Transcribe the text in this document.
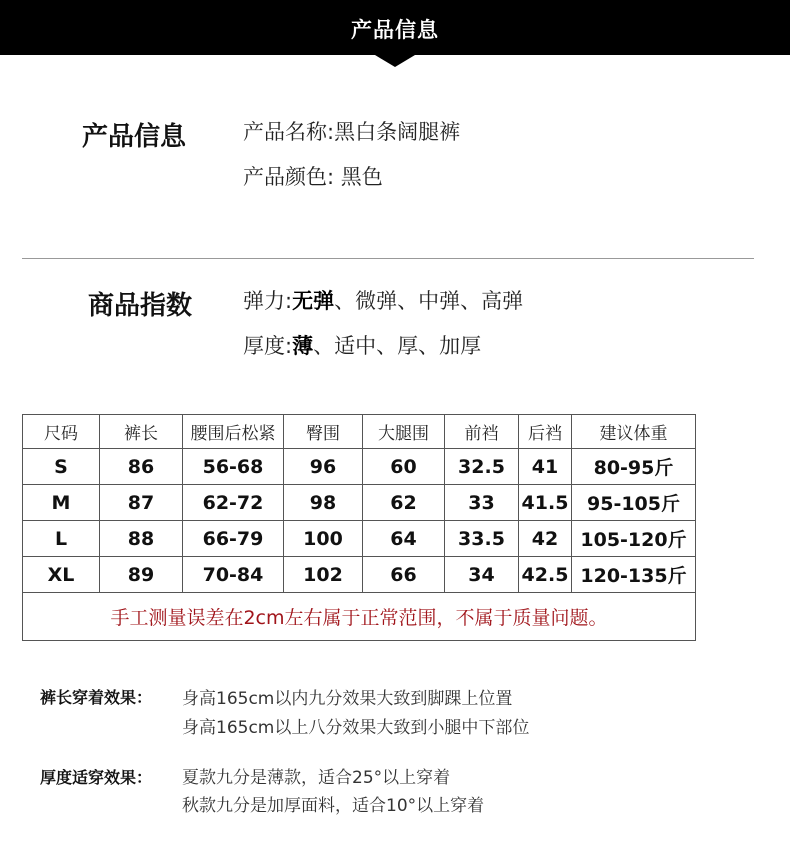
产品信息
产品信息	产品名称:黑白条阔腿裤
产品颜色: 黑色
商品指数 弹力:无弹、微弹、中弹、高弹
厚度:薄、适中、厚、加厚
尺码	裤长	腰围后松紧	臀围	大腿围	前裆	后裆	建议体重
S	86	56-68	96	60	32.5	41	80-95斤
M	87	62-72	98	62	33	41.5	95-105斤
L	88	66-79	100	64	33.5	42	105-120斤
XL	89	70-84	102	66	34	42.5	120-135斤
手工测量误差在2cm左右属于正常范围，不属于质量问题。							
裤长穿着效果： 身高165cm以内九分效果大致到脚踝上位置
身高165cm以上八分效果大致到小腿中下部位
厚度适穿效果： 夏款九分是薄款，适合25°以上穿着
秋款九分是加厚面料，适合10°以上穿着
